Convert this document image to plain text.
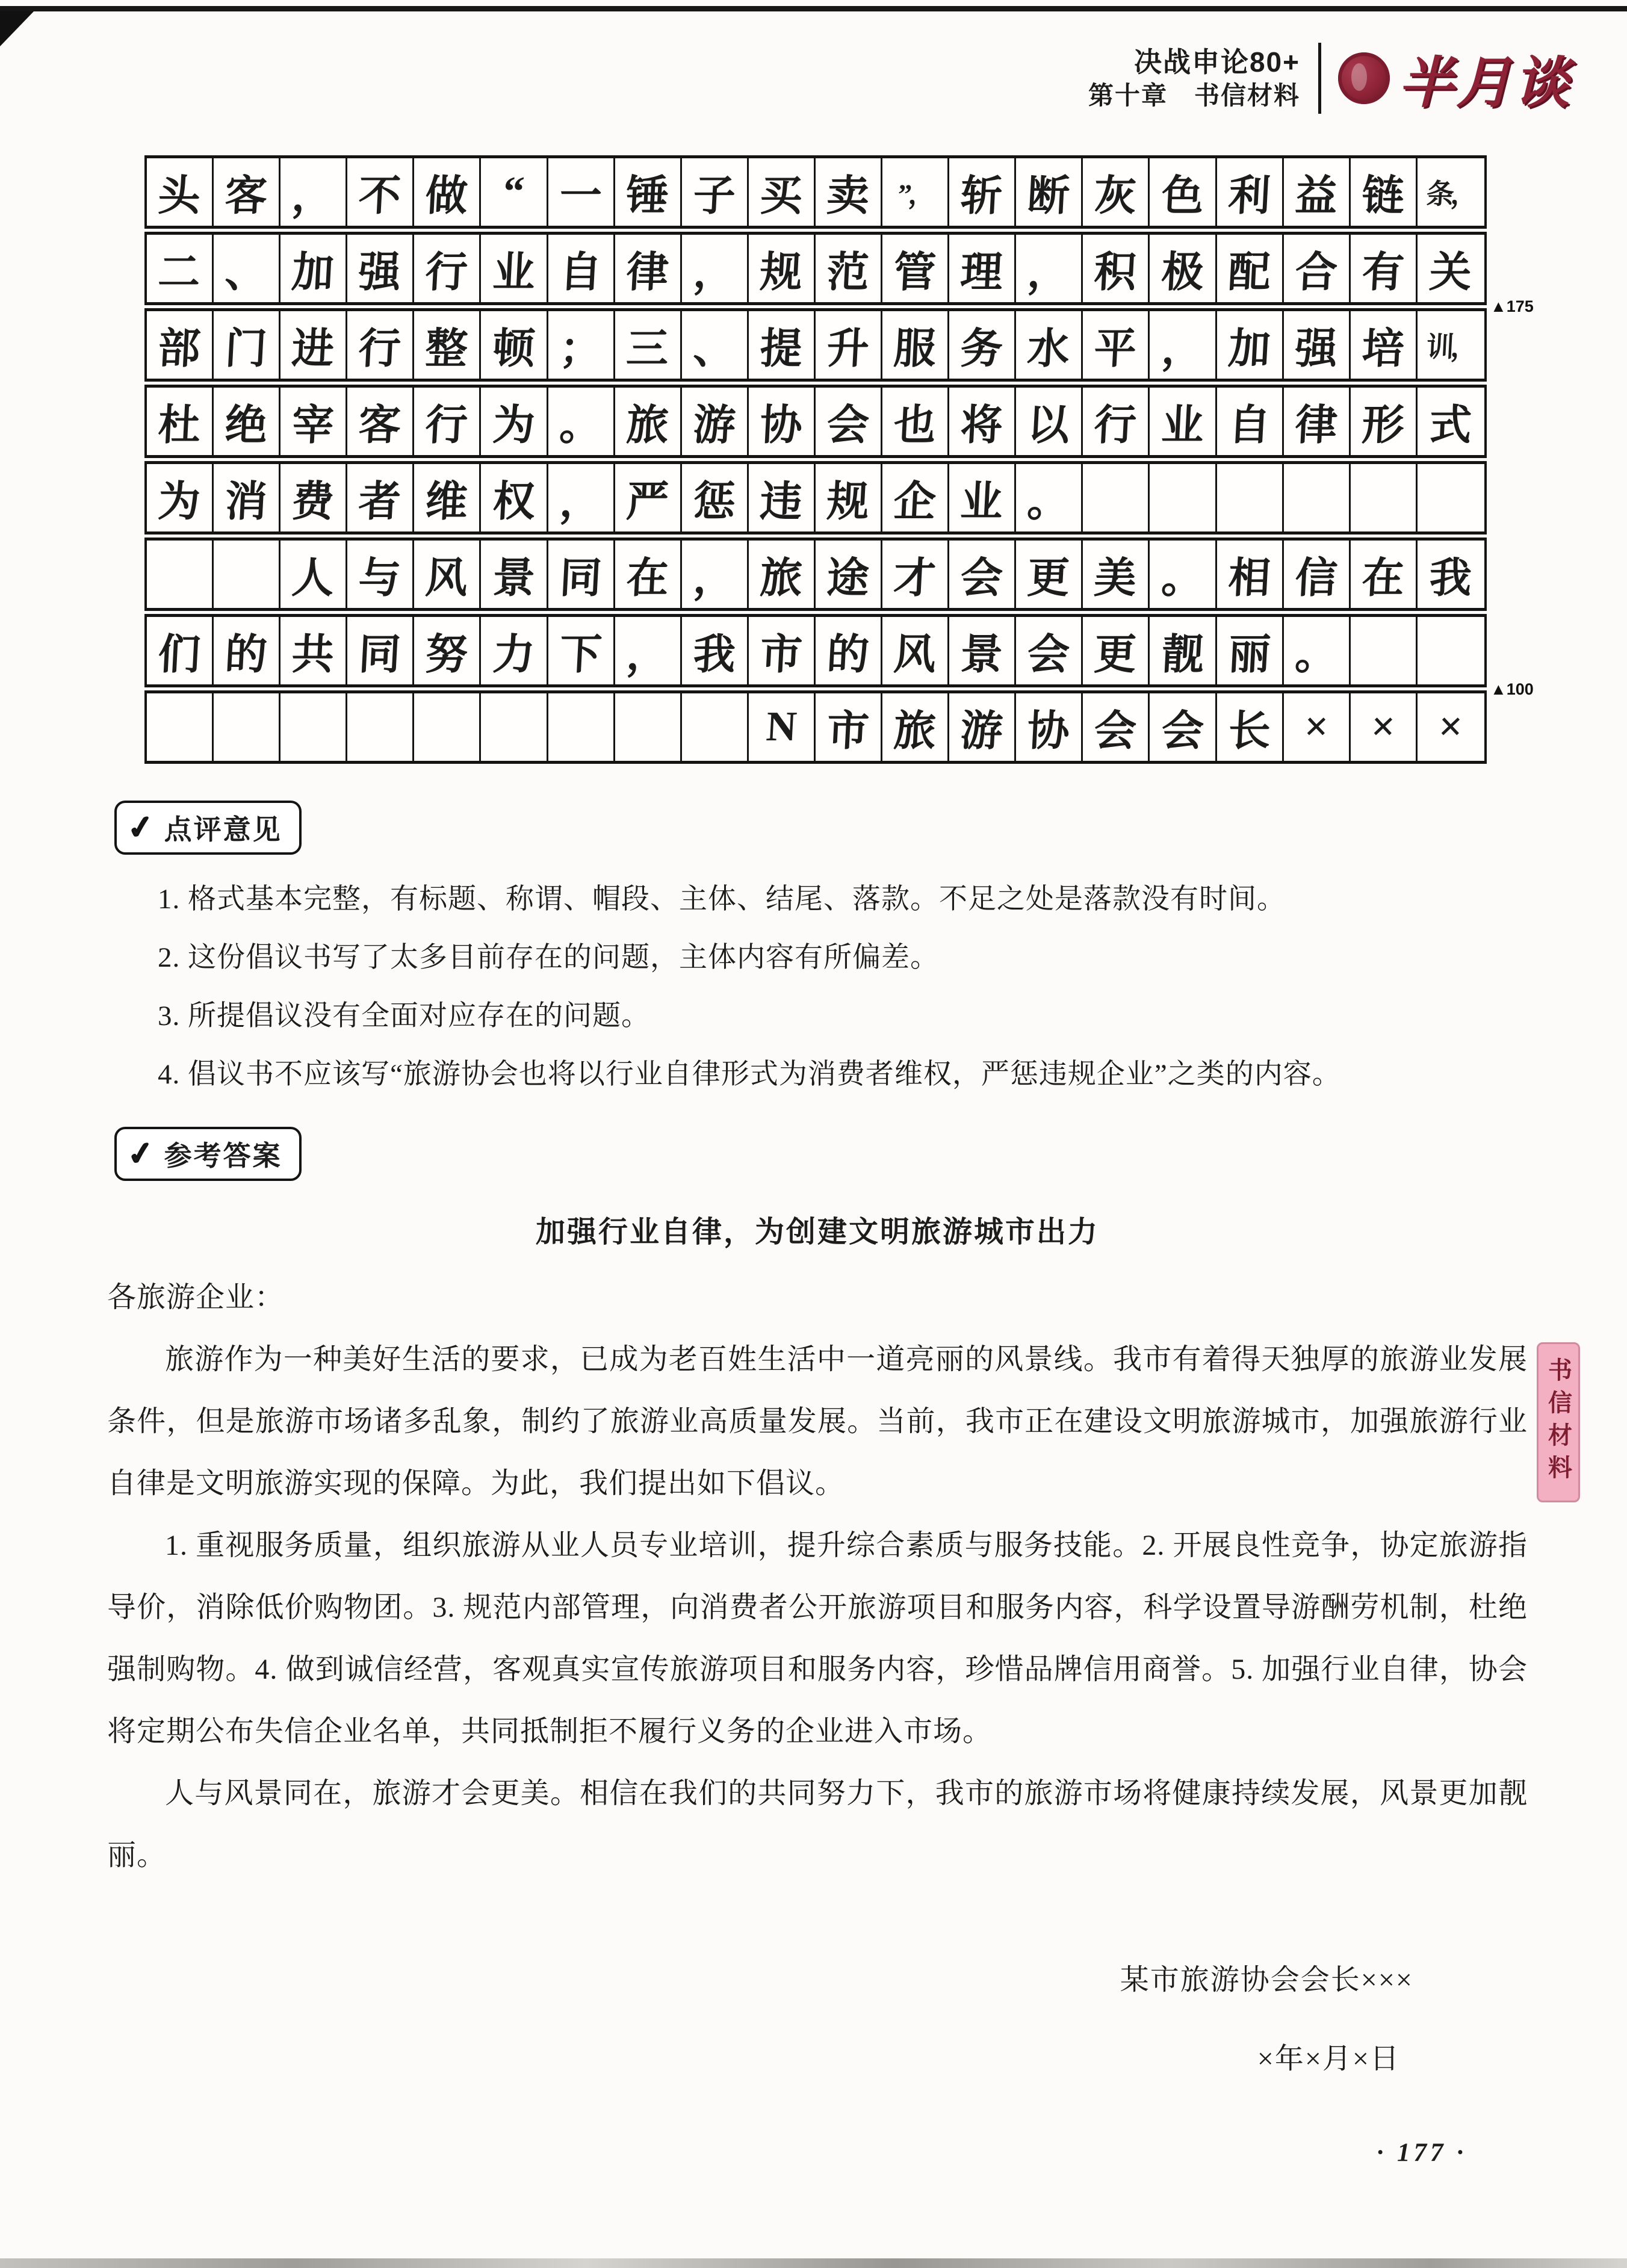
决战申论80+
第十章　书信材料 半月谈
▲175
▲100
头 客 ， 不 做 “ 一 锤 子 买 卖 ”， 斩 断 灰 色 利 益 链 条，
二 、 加 强 行 业 自 律 ， 规 范 管 理 ， 积 极 配 合 有 关
部 门 进 行 整 顿 ； 三 、 提 升 服 务 水 平 ， 加 强 培 训，
杜 绝 宰 客 行 为 。 旅 游 协 会 也 将 以 行 业 自 律 形 式
为 消 费 者 维 权 ， 严 惩 违 规 企 业 。
人 与 风 景 同 在 ， 旅 途 才 会 更 美 。 相 信 在 我
们 的 共 同 努 力 下 ， 我 市 的 风 景 会 更 靓 丽 。
N 市 旅 游 协 会 会 长 × × ×
✓ 点评意见

1. 格式基本完整，有标题、称谓、帽段、主体、结尾、落款。不足之处是落款没有时间。

2. 这份倡议书写了太多目前存在的问题，主体内容有所偏差。

3. 所提倡议没有全面对应存在的问题。

4. 倡议书不应该写“旅游协会也将以行业自律形式为消费者维权，严惩违规企业”之类的内容。

✓ 参考答案
加强行业自律，为创建文明旅游城市出力

各旅游企业：

旅游作为一种美好生活的要求，已成为老百姓生活中一道亮丽的风景线。我市有着得天独厚的旅游业发展条件，但是旅游市场诸多乱象，制约了旅游业高质量发展。当前，我市正在建设文明旅游城市，加强旅游行业自律是文明旅游实现的保障。为此，我们提出如下倡议。

1. 重视服务质量，组织旅游从业人员专业培训，提升综合素质与服务技能。2. 开展良性竞争，协定旅游指导价，消除低价购物团。3. 规范内部管理，向消费者公开旅游项目和服务内容，科学设置导游酬劳机制，杜绝强制购物。4. 做到诚信经营，客观真实宣传旅游项目和服务内容，珍惜品牌信用商誉。5. 加强行业自律，协会将定期公布失信企业名单，共同抵制拒不履行义务的企业进入市场。

人与风景同在，旅游才会更美。相信在我们的共同努力下，我市的旅游市场将健康持续发展，风景更加靓丽。

某市旅游协会会长×××
×年×月×日
书信材料
· 177 ·
